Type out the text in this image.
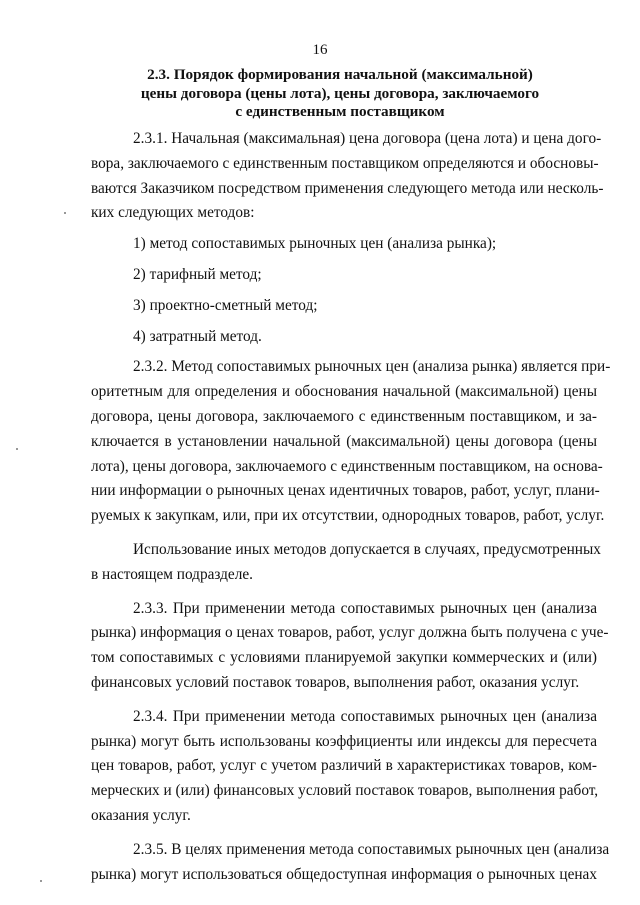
16
2.3. Порядок формирования начальной (максимальной)
цены договора (цены лота), цены договора, заключаемого
с единственным поставщиком
2.3.1. Начальная (максимальная) цена договора (цена лота) и цена дого-
вора, заключаемого с единственным поставщиком определяются и обосновы-
ваются Заказчиком посредством применения следующего метода или несколь-
ких следующих методов:
1) метод сопоставимых рыночных цен (анализа рынка);
2) тарифный метод;
3) проектно-сметный метод;
4) затратный метод.
2.3.2. Метод сопоставимых рыночных цен (анализа рынка) является при-
оритетным для определения и обоснования начальной (максимальной) цены
договора, цены договора, заключаемого с единственным поставщиком, и за-
ключается в установлении начальной (максимальной) цены договора (цены
лота), цены договора, заключаемого с единственным поставщиком, на основа-
нии информации о рыночных ценах идентичных товаров, работ, услуг, плани-
руемых к закупкам, или, при их отсутствии, однородных товаров, работ, услуг.
Использование иных методов допускается в случаях, предусмотренных
в настоящем подразделе.
2.3.3. При применении метода сопоставимых рыночных цен (анализа
рынка) информация о ценах товаров, работ, услуг должна быть получена с уче-
том сопоставимых с условиями планируемой закупки коммерческих и (или)
финансовых условий поставок товаров, выполнения работ, оказания услуг.
2.3.4. При применении метода сопоставимых рыночных цен (анализа
рынка) могут быть использованы коэффициенты или индексы для пересчета
цен товаров, работ, услуг с учетом различий в характеристиках товаров, ком-
мерческих и (или) финансовых условий поставок товаров, выполнения работ,
оказания услуг.
2.3.5. В целях применения метода сопоставимых рыночных цен (анализа
рынка) могут использоваться общедоступная информация о рыночных ценах
